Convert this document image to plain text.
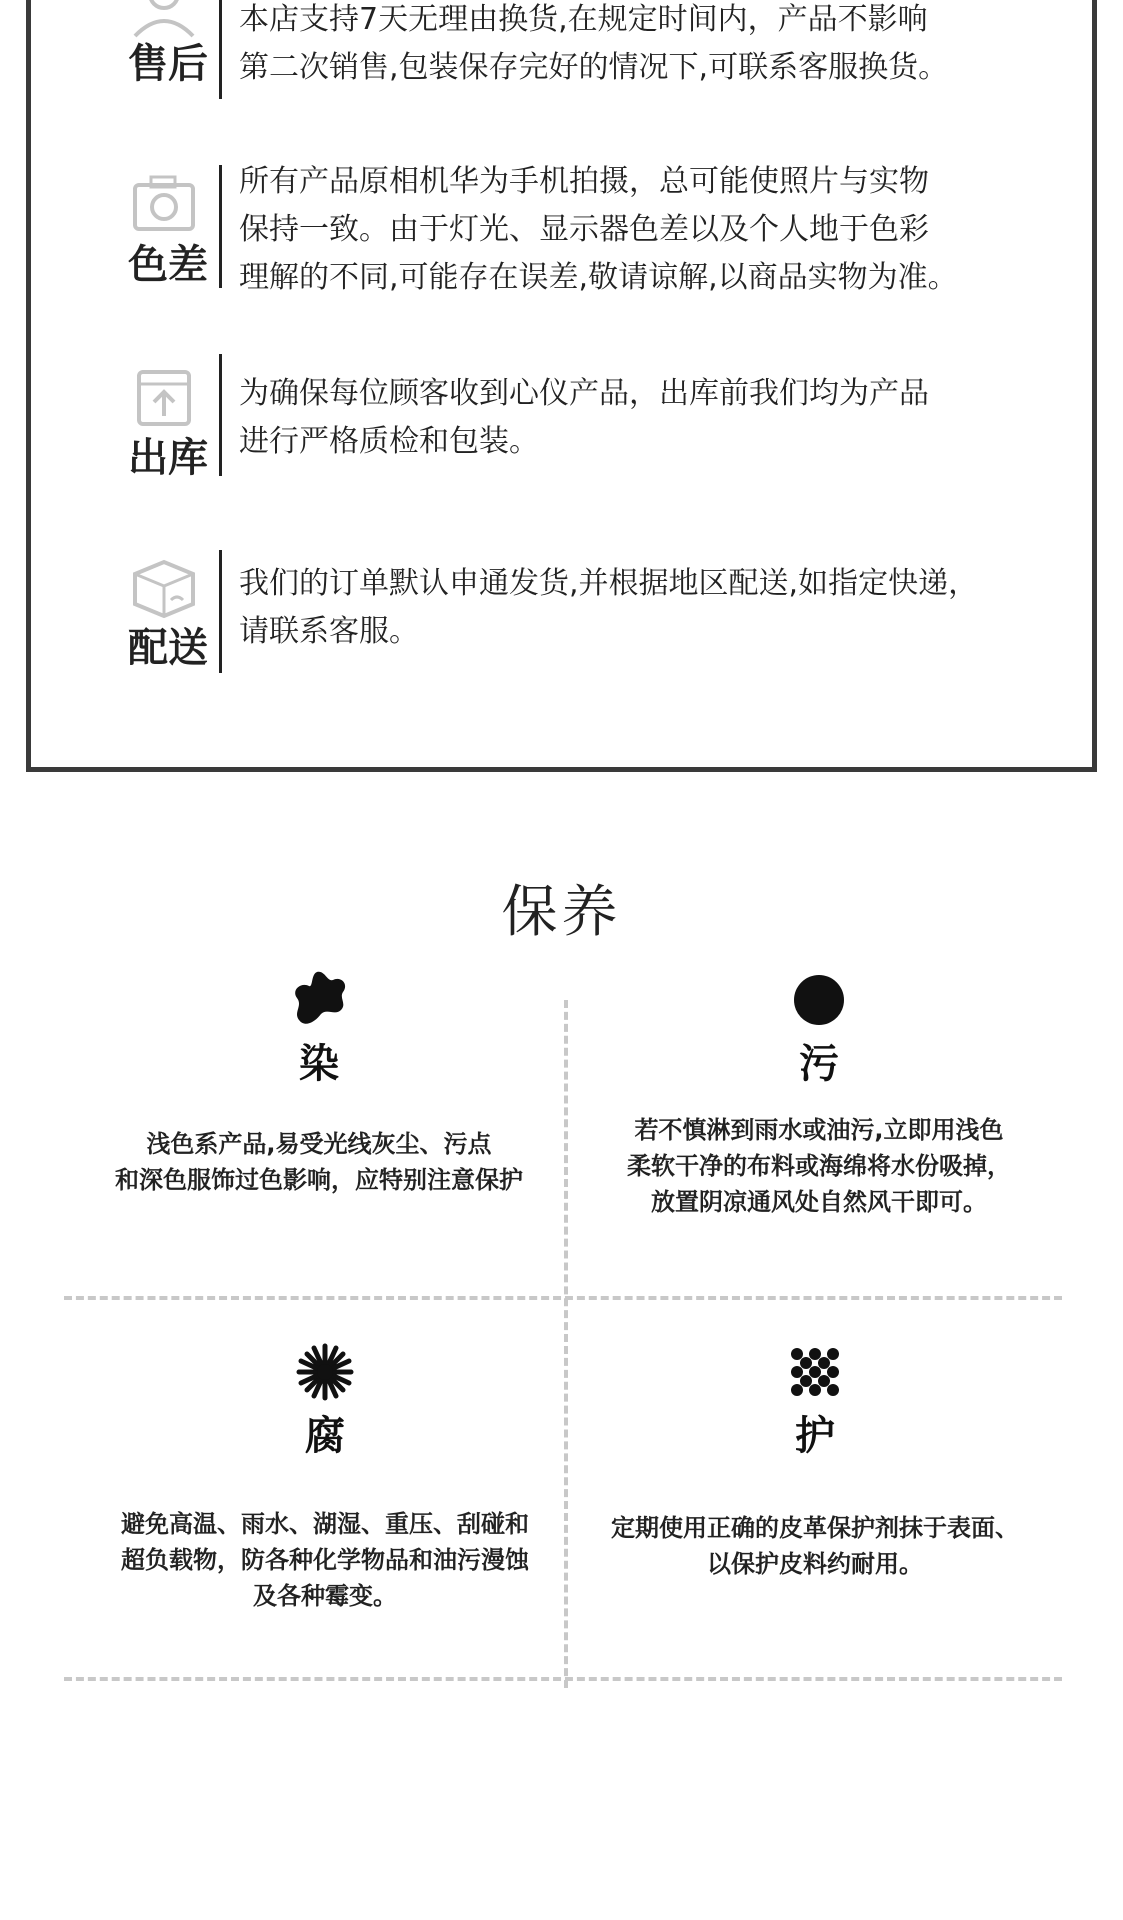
售后
本店支持7天无理由换货,在规定时间内，产品不影响
第二次销售,包装保存完好的情况下,可联系客服换货。
色差
所有产品原相机华为手机拍摄，总可能使照片与实物
保持一致。由于灯光、显示器色差以及个人地于色彩
理解的不同,可能存在误差,敬请谅解,以商品实物为准。
出库
为确保每位顾客收到心仪产品，出库前我们均为产品
进行严格质检和包装。
配送
我们的订单默认申通发货,并根据地区配送,如指定快递，
请联系客服。
保养
染
浅色系产品,易受光线灰尘、污点
和深色服饰过色影响，应特别注意保护
污
若不慎淋到雨水或油污,立即用浅色
柔软干净的布料或海绵将水份吸掉，
放置阴凉通风处自然风干即可。
腐
避免高温、雨水、湖湿、重压、刮碰和
超负载物，防各种化学物品和油污漫蚀
及各种霉变。
护
定期使用正确的皮革保护剂抹于表面、
以保护皮料约耐用。
